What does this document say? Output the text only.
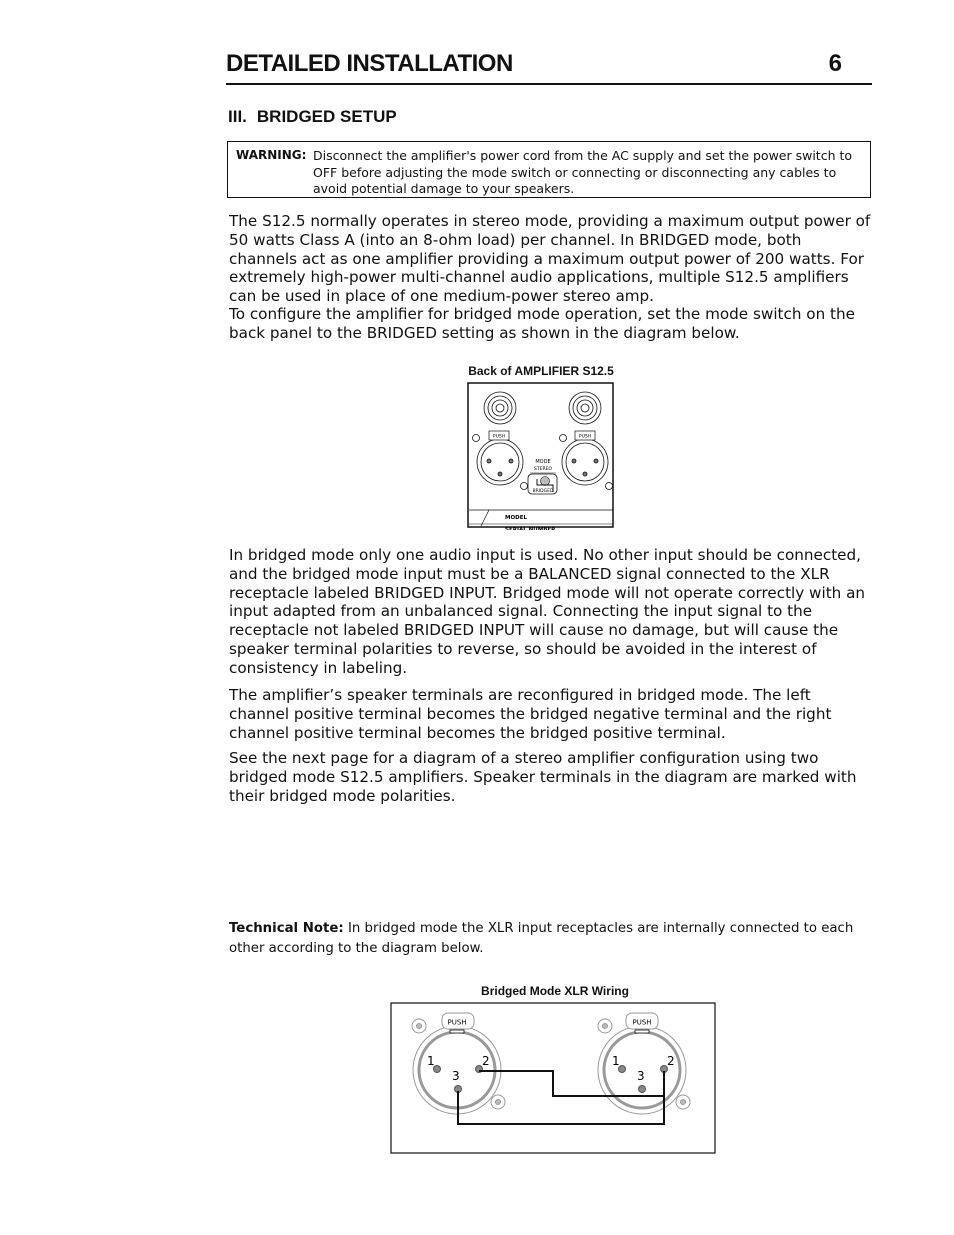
DETAILED INSTALLATION	6
III. BRIDGED SETUP
WARNING: Disconnect the amplifier's power cord from the AC supply and set the power switch to OFF before adjusting the mode switch or connecting or disconnecting any cables to avoid potential damage to your speakers.
The S12.5 normally operates in stereo mode, providing a maximum output power of 50 watts Class A (into an 8-ohm load) per channel. In BRIDGED mode, both channels act as one amplifier providing a maximum output power of 200 watts. For extremely high-power multi-channel audio applications, multiple S12.5 amplifiers can be used in place of one medium-power stereo amp.
To configure the amplifier for bridged mode operation, set the mode switch on the back panel to the BRIDGED setting as shown in the diagram below.
Back of AMPLIFIER S12.5
PUSH	PUSH
MODE
STEREO
BRIDGED
MODEL
SERIAL NUMBER
In bridged mode only one audio input is used. No other input should be connected, and the bridged mode input must be a BALANCED signal connected to the XLR receptacle labeled BRIDGED INPUT. Bridged mode will not operate correctly with an input adapted from an unbalanced signal. Connecting the input signal to the receptacle not labeled BRIDGED INPUT will cause no damage, but will cause the speaker terminal polarities to reverse, so should be avoided in the interest of consistency in labeling.
The amplifier’s speaker terminals are reconfigured in bridged mode. The left channel positive terminal becomes the bridged negative terminal and the right channel positive terminal becomes the bridged positive terminal.
See the next page for a diagram of a stereo amplifier configuration using two bridged mode S12.5 amplifiers. Speaker terminals in the diagram are marked with their bridged mode polarities.
Technical Note: In bridged mode the XLR input receptacles are internally connected to each other according to the diagram below.
Bridged Mode XLR Wiring
PUSH
1	2
3
PUSH
1	2
3
